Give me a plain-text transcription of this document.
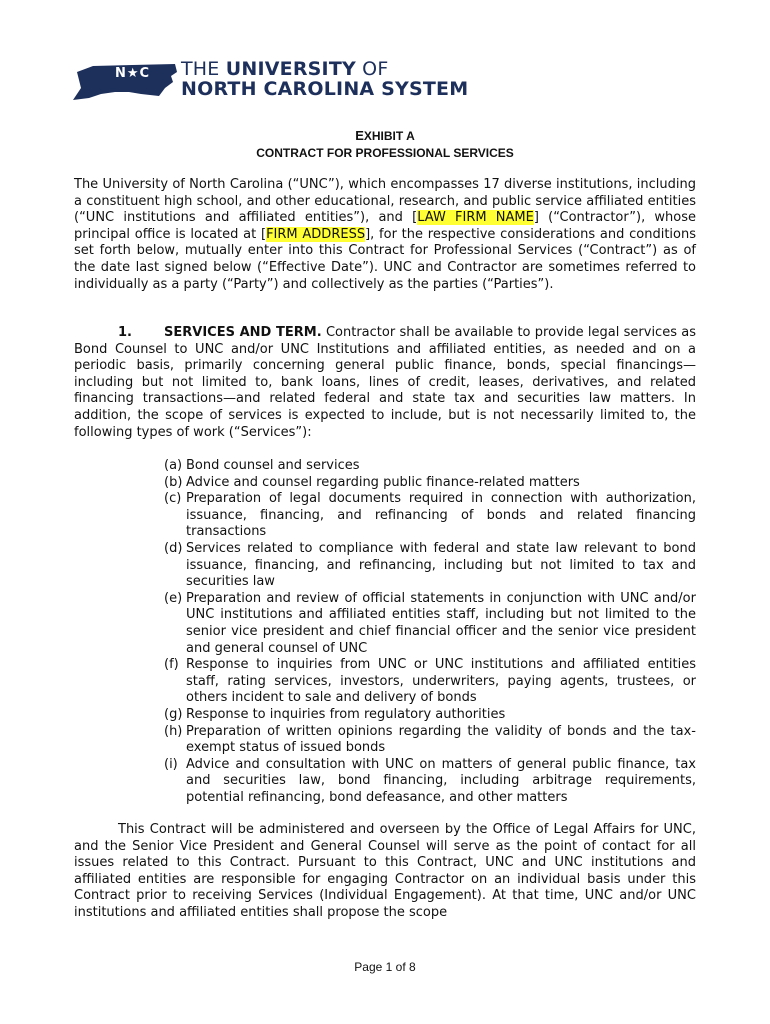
N★C THE UNIVERSITY OF
NORTH CAROLINA SYSTEM
EXHIBIT A
CONTRACT FOR PROFESSIONAL SERVICES

The University of North Carolina (“UNC”), which encompasses 17 diverse institutions, including a constituent high school, and other educational, research, and public service affiliated entities (“UNC institutions and affiliated entities”), and [LAW FIRM NAME] (“Contractor”), whose principal office is located at [FIRM ADDRESS], for the respective considerations and conditions set forth below, mutually enter into this Contract for Professional Services (“Contract”) as of the date last signed below (“Effective Date”). UNC and Contractor are sometimes referred to individually as a party (“Party”) and collectively as the parties (“Parties”).

1. SERVICES AND TERM. Contractor shall be available to provide legal services as Bond Counsel to UNC and/or UNC Institutions and affiliated entities, as needed and on a periodic basis, primarily concerning general public finance, bonds, special financings—including but not limited to, bank loans, lines of credit, leases, derivatives, and related financing transactions—and related federal and state tax and securities law matters. In addition, the scope of services is expected to include, but is not necessarily limited to, the following types of work (“Services”):

(a) Bond counsel and services
(b) Advice and counsel regarding public finance-related matters
(c) Preparation of legal documents required in connection with authorization, issuance, financing, and refinancing of bonds and related financing transactions
(d) Services related to compliance with federal and state law relevant to bond issuance, financing, and refinancing, including but not limited to tax and securities law
(e) Preparation and review of official statements in conjunction with UNC and/or UNC institutions and affiliated entities staff, including but not limited to the senior vice president and chief financial officer and the senior vice president and general counsel of UNC
(f) Response to inquiries from UNC or UNC institutions and affiliated entities staff, rating services, investors, underwriters, paying agents, trustees, or others incident to sale and delivery of bonds
(g) Response to inquiries from regulatory authorities
(h) Preparation of written opinions regarding the validity of bonds and the tax-exempt status of issued bonds
(i) Advice and consultation with UNC on matters of general public finance, tax and securities law, bond financing, including arbitrage requirements, potential refinancing, bond defeasance, and other matters

This Contract will be administered and overseen by the Office of Legal Affairs for UNC, and the Senior Vice President and General Counsel will serve as the point of contact for all issues related to this Contract. Pursuant to this Contract, UNC and UNC institutions and affiliated entities are responsible for engaging Contractor on an individual basis under this Contract prior to receiving Services (Individual Engagement). At that time, UNC and/or UNC institutions and affiliated entities shall propose the scope

Page 1 of 8
